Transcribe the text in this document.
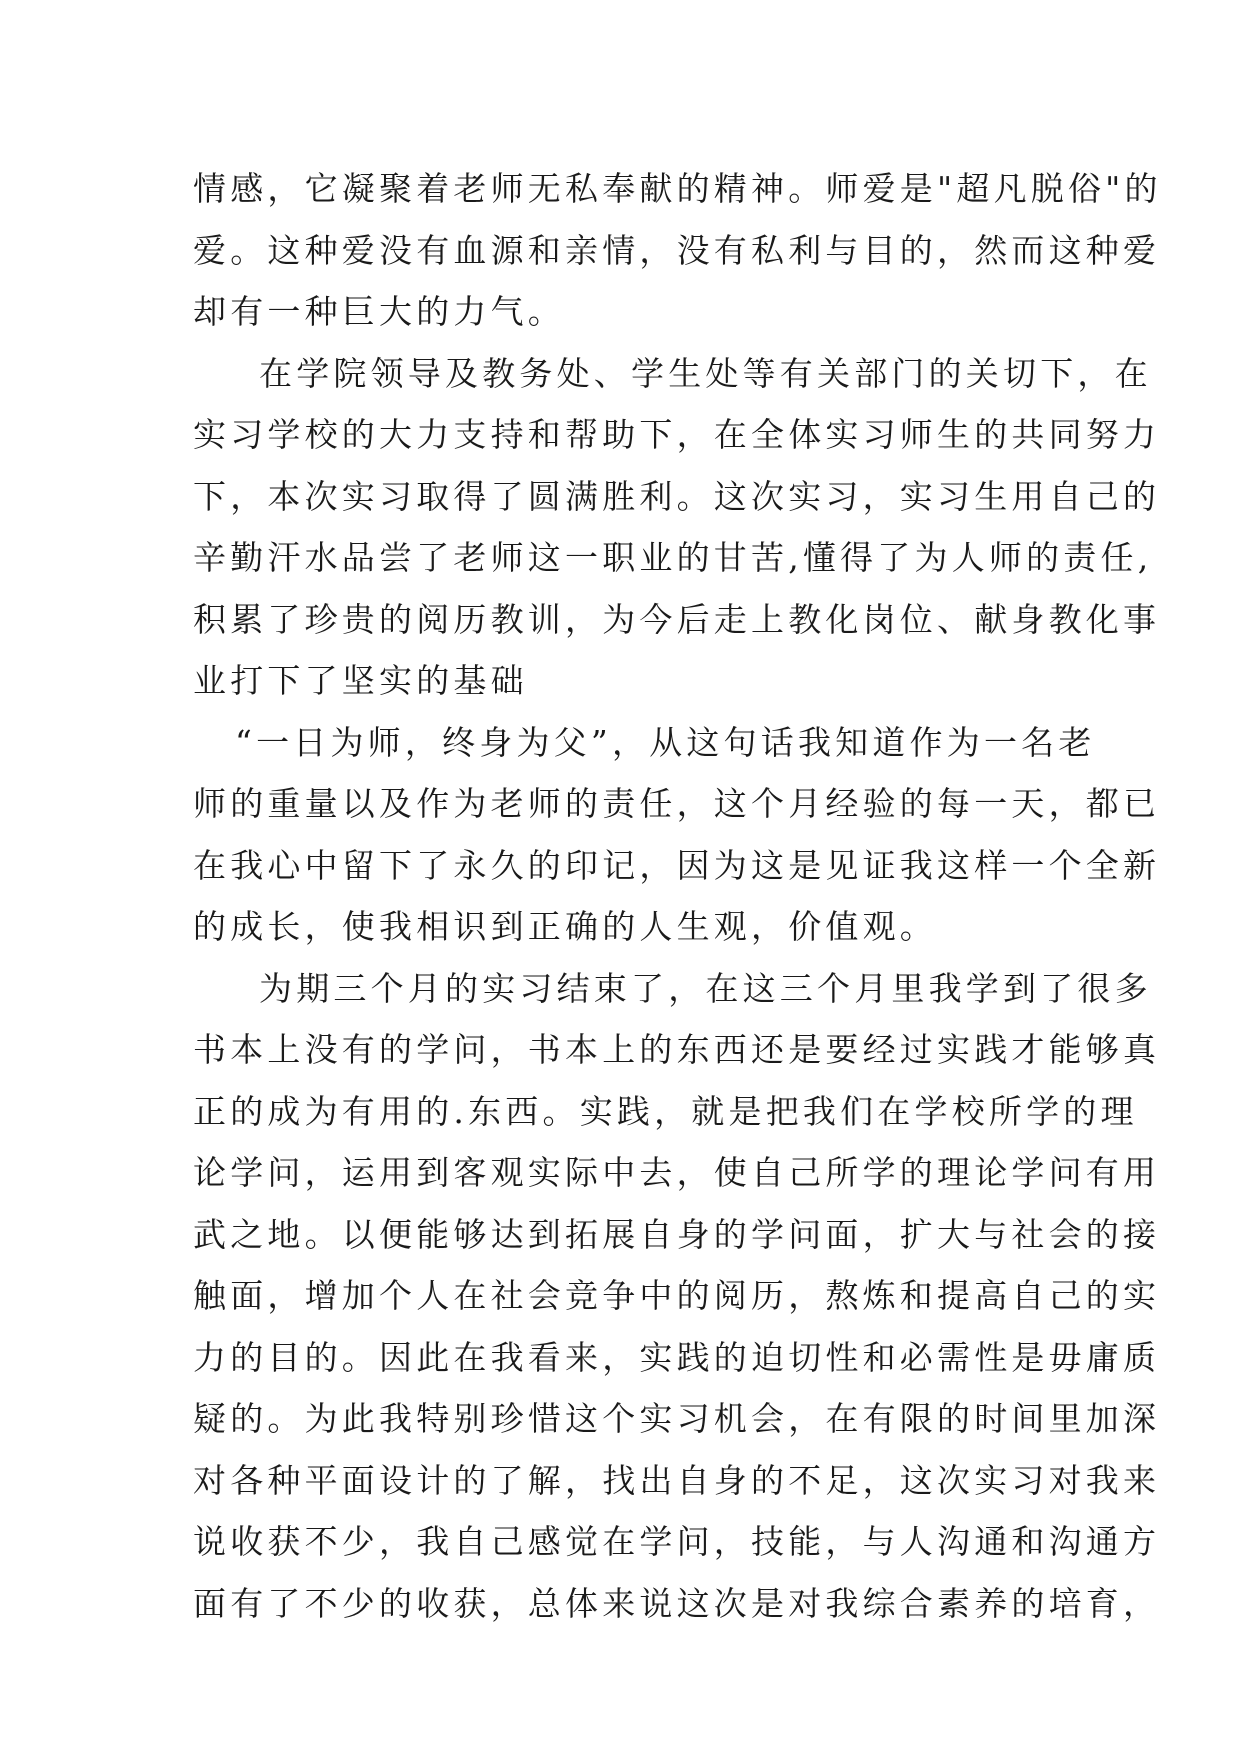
情感，它凝聚着老师无私奉献的精神。师爱是"超凡脱俗"的
爱。这种爱没有血源和亲情，没有私利与目的，然而这种爱
却有一种巨大的力气。
在学院领导及教务处、学生处等有关部门的关切下，在
实习学校的大力支持和帮助下，在全体实习师生的共同努力
下，本次实习取得了圆满胜利。这次实习，实习生用自己的
辛勤汗水品尝了老师这一职业的甘苦,懂得了为人师的责任,
积累了珍贵的阅历教训，为今后走上教化岗位、献身教化事
业打下了坚实的基础
“一日为师，终身为父”，从这句话我知道作为一名老
师的重量以及作为老师的责任，这个月经验的每一天，都已
在我心中留下了永久的印记，因为这是见证我这样一个全新
的成长，使我相识到正确的人生观，价值观。
为期三个月的实习结束了，在这三个月里我学到了很多
书本上没有的学问，书本上的东西还是要经过实践才能够真
正的成为有用的.东西。实践，就是把我们在学校所学的理
论学问，运用到客观实际中去，使自己所学的理论学问有用
武之地。以便能够达到拓展自身的学问面，扩大与社会的接
触面，增加个人在社会竞争中的阅历，熬炼和提高自己的实
力的目的。因此在我看来，实践的迫切性和必需性是毋庸质
疑的。为此我特别珍惜这个实习机会，在有限的时间里加深
对各种平面设计的了解，找出自身的不足，这次实习对我来
说收获不少，我自己感觉在学问，技能，与人沟通和沟通方
面有了不少的收获，总体来说这次是对我综合素养的培育，
